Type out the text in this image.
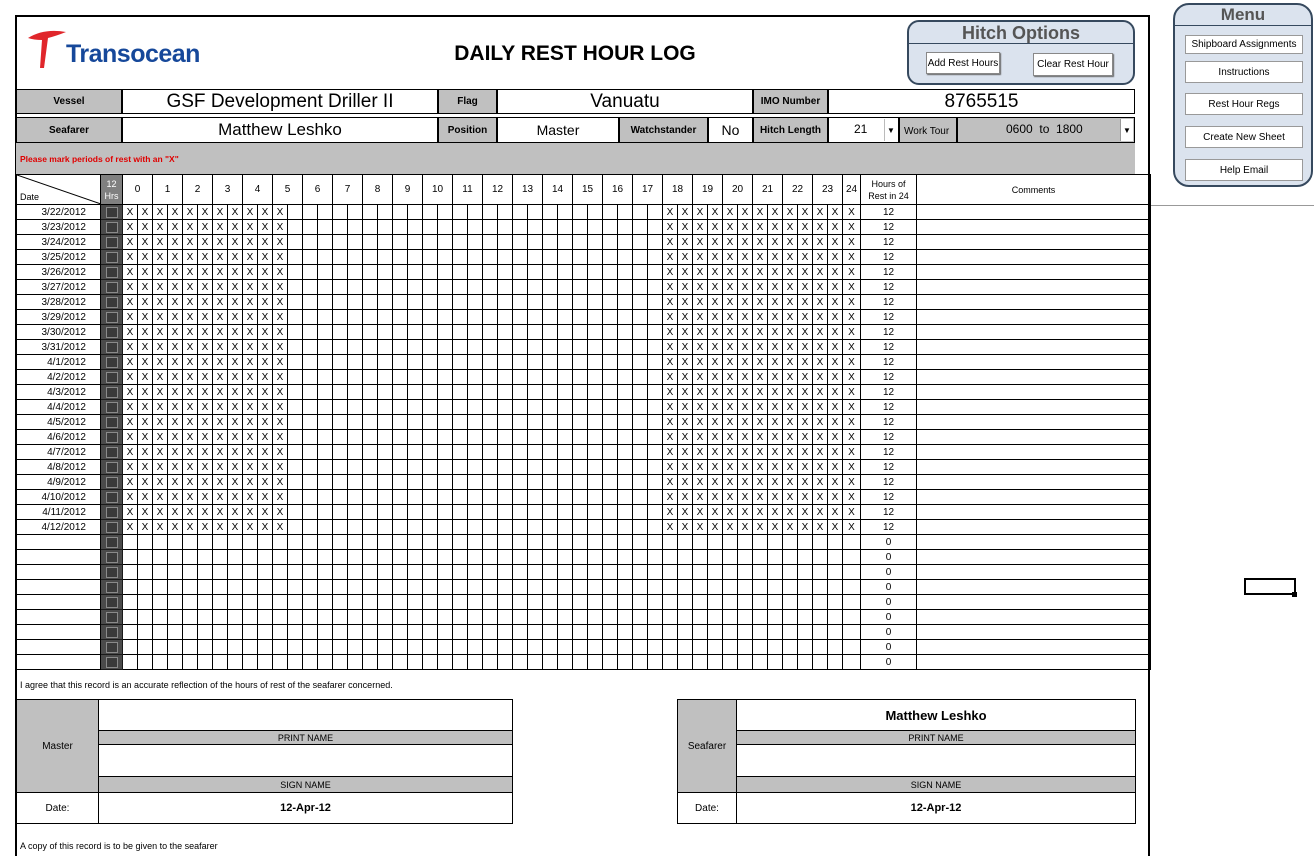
Transocean	DAILY REST HOUR LOG
Hitch Options
Add Rest Hours	Clear Rest Hour
Menu
Shipboard Assignments
Instructions
Rest Hour Regs
Create New Sheet
Help Email
Vessel	GSF Development Driller II	Flag	Vanuatu	IMO Number	8765515
Seafarer	Matthew Leshko	Position	Master	Watchstander	No	Hitch Length	21	▼ Work Tour	0600  to  1800	▼
Please mark periods of rest with an "X"
Date	12 Hrs	0		1		2		3		4		5		6		7		8		9		10		11		12		13		14		15		16		17		18		19		20		21		22		23		24	Hours of Rest in 24	Comments
3/22/2012		X	X	X	X	X	X	X	X	X	X	X																										X	X	X	X	X	X	X	X	X	X	X	X	X	12	
3/23/2012		X	X	X	X	X	X	X	X	X	X	X																										X	X	X	X	X	X	X	X	X	X	X	X	X	12	
3/24/2012		X	X	X	X	X	X	X	X	X	X	X																										X	X	X	X	X	X	X	X	X	X	X	X	X	12	
3/25/2012		X	X	X	X	X	X	X	X	X	X	X																										X	X	X	X	X	X	X	X	X	X	X	X	X	12	
3/26/2012		X	X	X	X	X	X	X	X	X	X	X																										X	X	X	X	X	X	X	X	X	X	X	X	X	12	
3/27/2012		X	X	X	X	X	X	X	X	X	X	X																										X	X	X	X	X	X	X	X	X	X	X	X	X	12	
3/28/2012		X	X	X	X	X	X	X	X	X	X	X																										X	X	X	X	X	X	X	X	X	X	X	X	X	12	
3/29/2012		X	X	X	X	X	X	X	X	X	X	X																										X	X	X	X	X	X	X	X	X	X	X	X	X	12	
3/30/2012		X	X	X	X	X	X	X	X	X	X	X																										X	X	X	X	X	X	X	X	X	X	X	X	X	12	
3/31/2012		X	X	X	X	X	X	X	X	X	X	X																										X	X	X	X	X	X	X	X	X	X	X	X	X	12	
4/1/2012		X	X	X	X	X	X	X	X	X	X	X																										X	X	X	X	X	X	X	X	X	X	X	X	X	12	
4/2/2012		X	X	X	X	X	X	X	X	X	X	X																										X	X	X	X	X	X	X	X	X	X	X	X	X	12	
4/3/2012		X	X	X	X	X	X	X	X	X	X	X																										X	X	X	X	X	X	X	X	X	X	X	X	X	12	
4/4/2012		X	X	X	X	X	X	X	X	X	X	X																										X	X	X	X	X	X	X	X	X	X	X	X	X	12	
4/5/2012		X	X	X	X	X	X	X	X	X	X	X																										X	X	X	X	X	X	X	X	X	X	X	X	X	12	
4/6/2012		X	X	X	X	X	X	X	X	X	X	X																										X	X	X	X	X	X	X	X	X	X	X	X	X	12	
4/7/2012		X	X	X	X	X	X	X	X	X	X	X																										X	X	X	X	X	X	X	X	X	X	X	X	X	12	
4/8/2012		X	X	X	X	X	X	X	X	X	X	X																										X	X	X	X	X	X	X	X	X	X	X	X	X	12	
4/9/2012		X	X	X	X	X	X	X	X	X	X	X																										X	X	X	X	X	X	X	X	X	X	X	X	X	12	
4/10/2012		X	X	X	X	X	X	X	X	X	X	X																										X	X	X	X	X	X	X	X	X	X	X	X	X	12	
4/11/2012		X	X	X	X	X	X	X	X	X	X	X																										X	X	X	X	X	X	X	X	X	X	X	X	X	12	
4/12/2012		X	X	X	X	X	X	X	X	X	X	X																										X	X	X	X	X	X	X	X	X	X	X	X	X	12	

																																																		0	

																																																		0	

																																																		0	

																																																		0	

																																																		0	

																																																		0	

																																																		0	

																																																		0	

																																																		0	
I agree that this record is an accurate reflection of the hours of rest of the seafarer concerned.
Master
PRINT NAME
SIGN NAME
Date:	12-Apr-12
Seafarer
Matthew Leshko
PRINT NAME
SIGN NAME
Date:	12-Apr-12
A copy of this record is to be given to the seafarer
